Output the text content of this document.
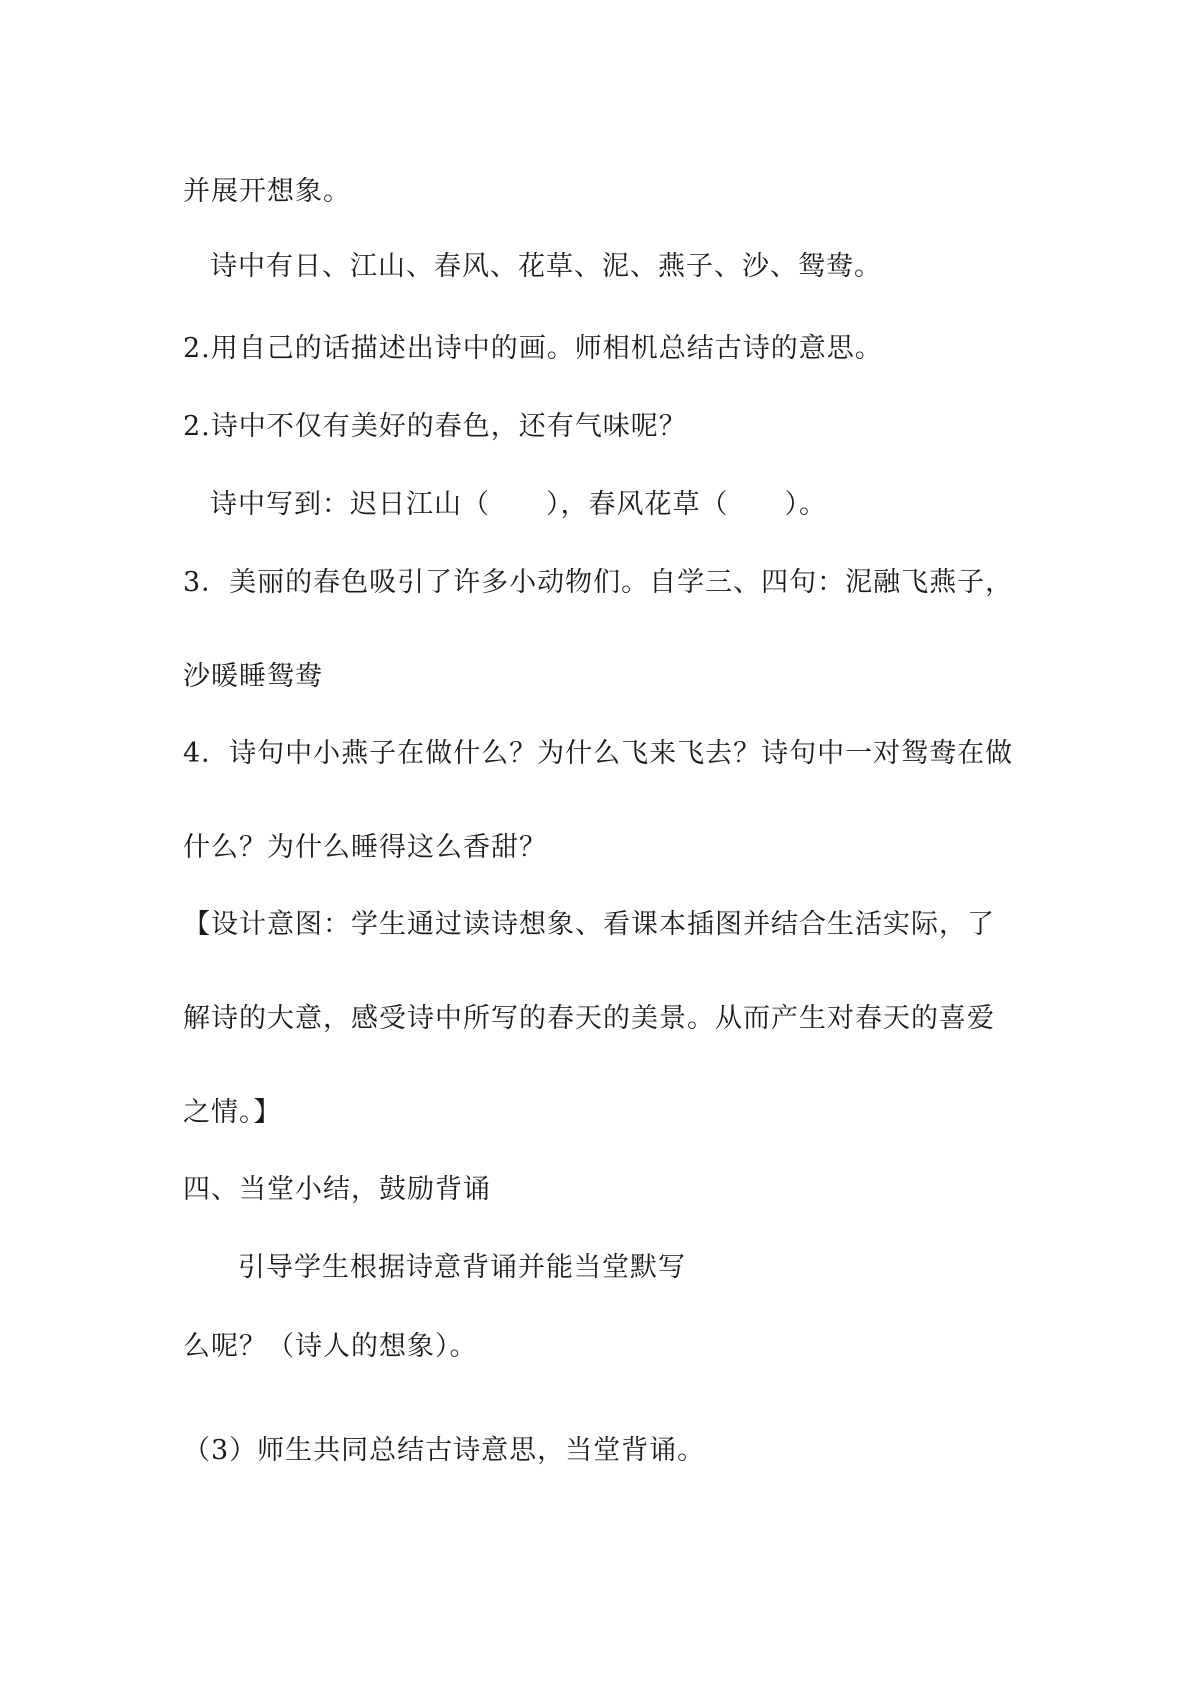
并展开想象。
诗中有日、江山、春风、花草、泥、燕子、沙、鸳鸯。
2.用自己的话描述出诗中的画。师相机总结古诗的意思。
2.诗中不仅有美好的春色，还有气味呢？
诗中写到：迟日江山（　　），春风花草（　　）。
3．美丽的春色吸引了许多小动物们。自学三、四句：泥融飞燕子，
沙暖睡鸳鸯
4．诗句中小燕子在做什么？为什么飞来飞去？诗句中一对鸳鸯在做
什么？为什么睡得这么香甜？
【设计意图：学生通过读诗想象、看课本插图并结合生活实际，了
解诗的大意，感受诗中所写的春天的美景。从而产生对春天的喜爱
之情。】
四、当堂小结，鼓励背诵
引导学生根据诗意背诵并能当堂默写
么呢？（诗人的想象）。
（3）师生共同总结古诗意思，当堂背诵。
